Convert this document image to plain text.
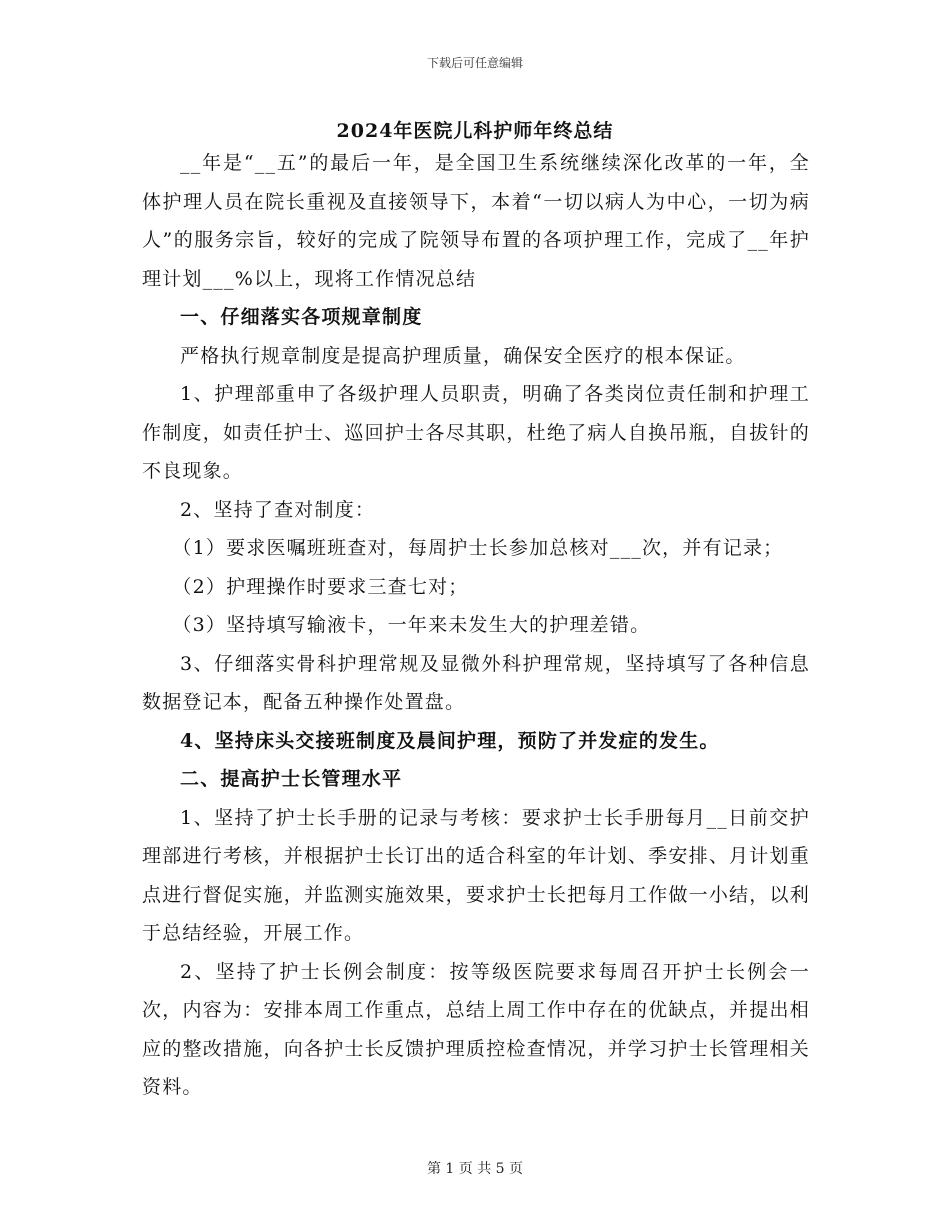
下载后可任意编辑
2024年医院儿科护师年终总结

__年是“__五”的最后一年，是全国卫生系统继续深化改革的一年，全体护理人员在院长重视及直接领导下，本着“一切以病人为中心，一切为病人”的服务宗旨，较好的完成了院领导布置的各项护理工作，完成了__年护理计划___%以上，现将工作情况总结

一、仔细落实各项规章制度

严格执行规章制度是提高护理质量，确保安全医疗的根本保证。

1、护理部重申了各级护理人员职责，明确了各类岗位责任制和护理工作制度，如责任护士、巡回护士各尽其职，杜绝了病人自换吊瓶，自拔针的不良现象。

2、坚持了查对制度：

（1）要求医嘱班班查对，每周护士长参加总核对___次，并有记录；

（2）护理操作时要求三查七对；

（3）坚持填写输液卡，一年来未发生大的护理差错。

3、仔细落实骨科护理常规及显微外科护理常规，坚持填写了各种信息数据登记本，配备五种操作处置盘。

4、坚持床头交接班制度及晨间护理，预防了并发症的发生。

二、提高护士长管理水平

1、坚持了护士长手册的记录与考核：要求护士长手册每月__日前交护理部进行考核，并根据护士长订出的适合科室的年计划、季安排、月计划重点进行督促实施，并监测实施效果，要求护士长把每月工作做一小结，以利于总结经验，开展工作。

2、坚持了护士长例会制度：按等级医院要求每周召开护士长例会一次，内容为：安排本周工作重点，总结上周工作中存在的优缺点，并提出相应的整改措施，向各护士长反馈护理质控检查情况，并学习护士长管理相关资料。

第 1 页 共 5 页
